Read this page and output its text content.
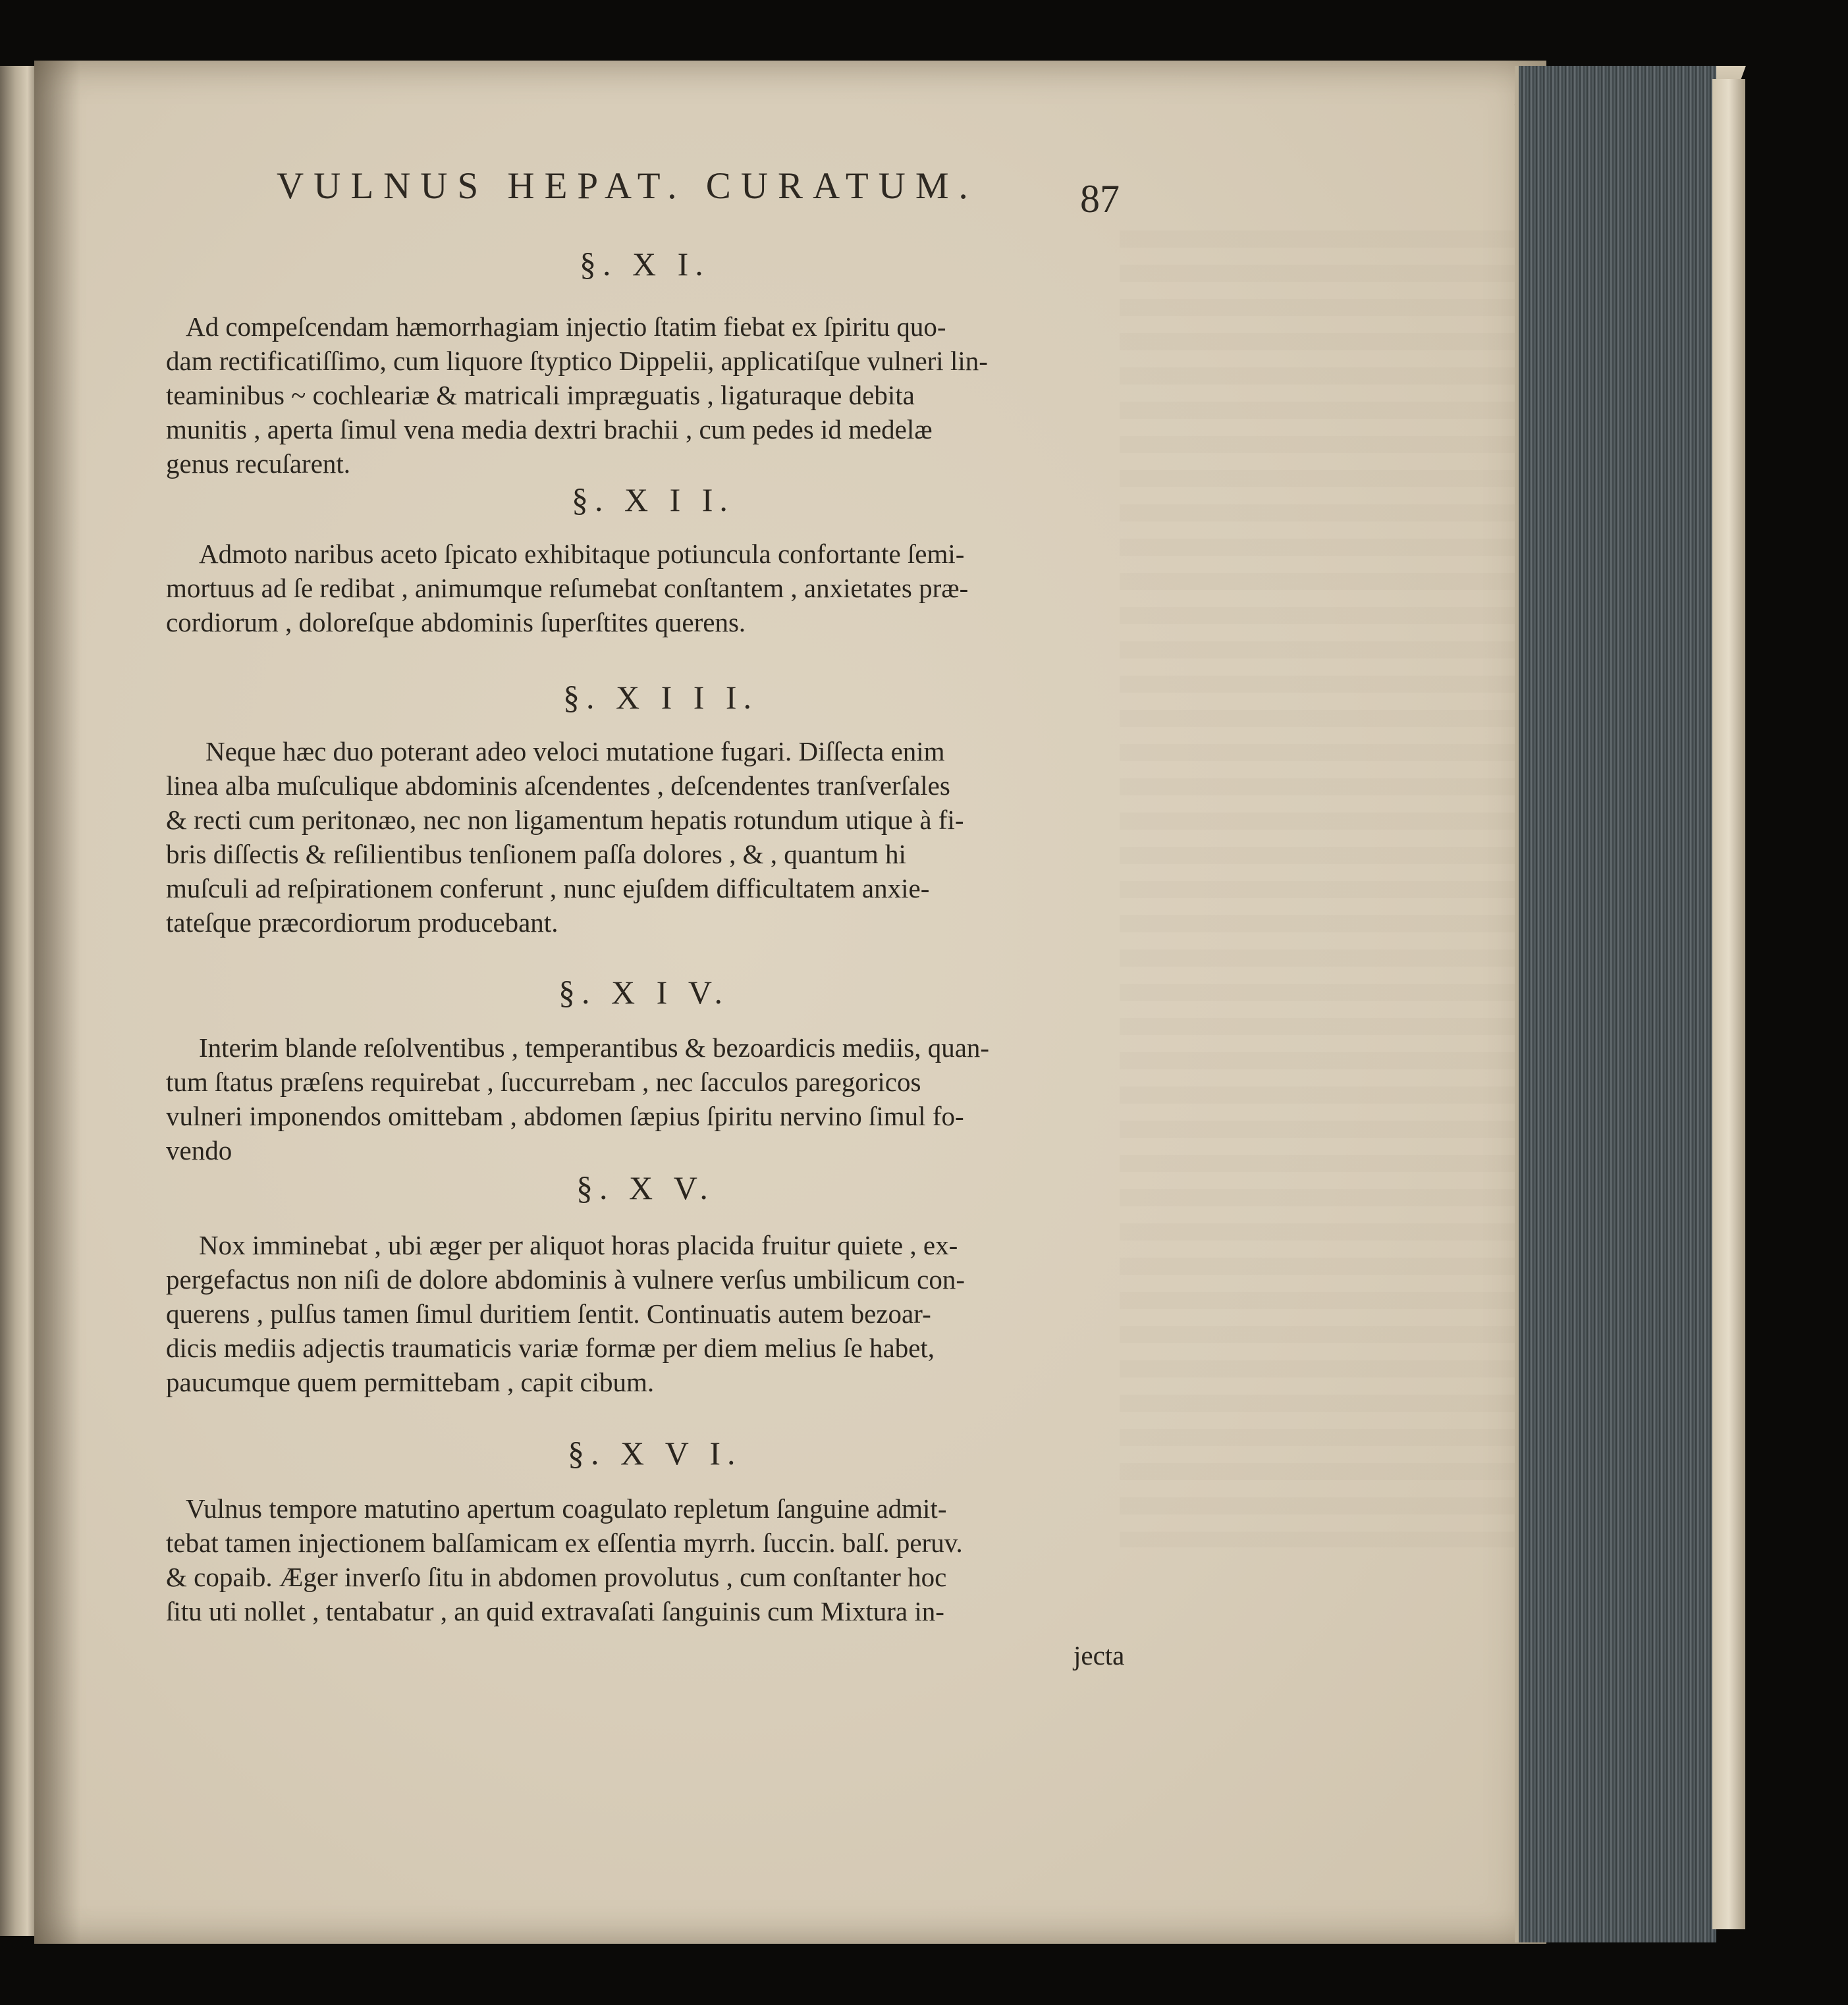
VULNUS HEPAT. CURATUM.	87
§. X I.
Ad compeſcendam hæmorrhagiam injectio ſtatim fiebat ex ſpiritu quo-
dam rectificatiſſimo, cum liquore ſtyptico Dippelii, applicatiſque vulneri lin-
teaminibus ~ cochleariæ & matricali impræguatis , ligaturaque debita
munitis , aperta ſimul vena media dextri brachii , cum pedes id medelæ
genus recuſarent.
§. X I I.
Admoto naribus aceto ſpicato exhibitaque potiuncula confortante ſemi-
mortuus ad ſe redibat , animumque reſumebat conſtantem , anxietates præ-
cordiorum , doloreſque abdominis ſuperſtites querens.
§. X I I I.
Neque hæc duo poterant adeo veloci mutatione fugari. Diſſecta enim
linea alba muſculique abdominis aſcendentes , deſcendentes tranſverſales
& recti cum peritonæo, nec non ligamentum hepatis rotundum utique à fi-
bris diſſectis & reſilientibus tenſionem paſſa dolores , & , quantum hi
muſculi ad reſpirationem conferunt , nunc ejuſdem difficultatem anxie-
tateſque præcordiorum producebant.
§. X I V.
Interim blande reſolventibus , temperantibus & bezoardicis mediis, quan-
tum ſtatus præſens requirebat , ſuccurrebam , nec ſacculos paregoricos
vulneri imponendos omittebam , abdomen ſæpius ſpiritu nervino ſimul fo-
vendo
§. X V.
Nox imminebat , ubi æger per aliquot horas placida fruitur quiete , ex-
pergefactus non niſi de dolore abdominis à vulnere verſus umbilicum con-
querens , pulſus tamen ſimul duritiem ſentit. Continuatis autem bezoar-
dicis mediis adjectis traumaticis variæ formæ per diem melius ſe habet,
paucumque quem permittebam , capit cibum.
§. X V I.
Vulnus tempore matutino apertum coagulato repletum ſanguine admit-
tebat tamen injectionem balſamicam ex eſſentia myrrh. ſuccin. balſ. peruv.
& copaib. Æger inverſo ſitu in abdomen provolutus , cum conſtanter hoc
ſitu uti nollet , tentabatur , an quid extravaſati ſanguinis cum Mixtura in-
jecta
